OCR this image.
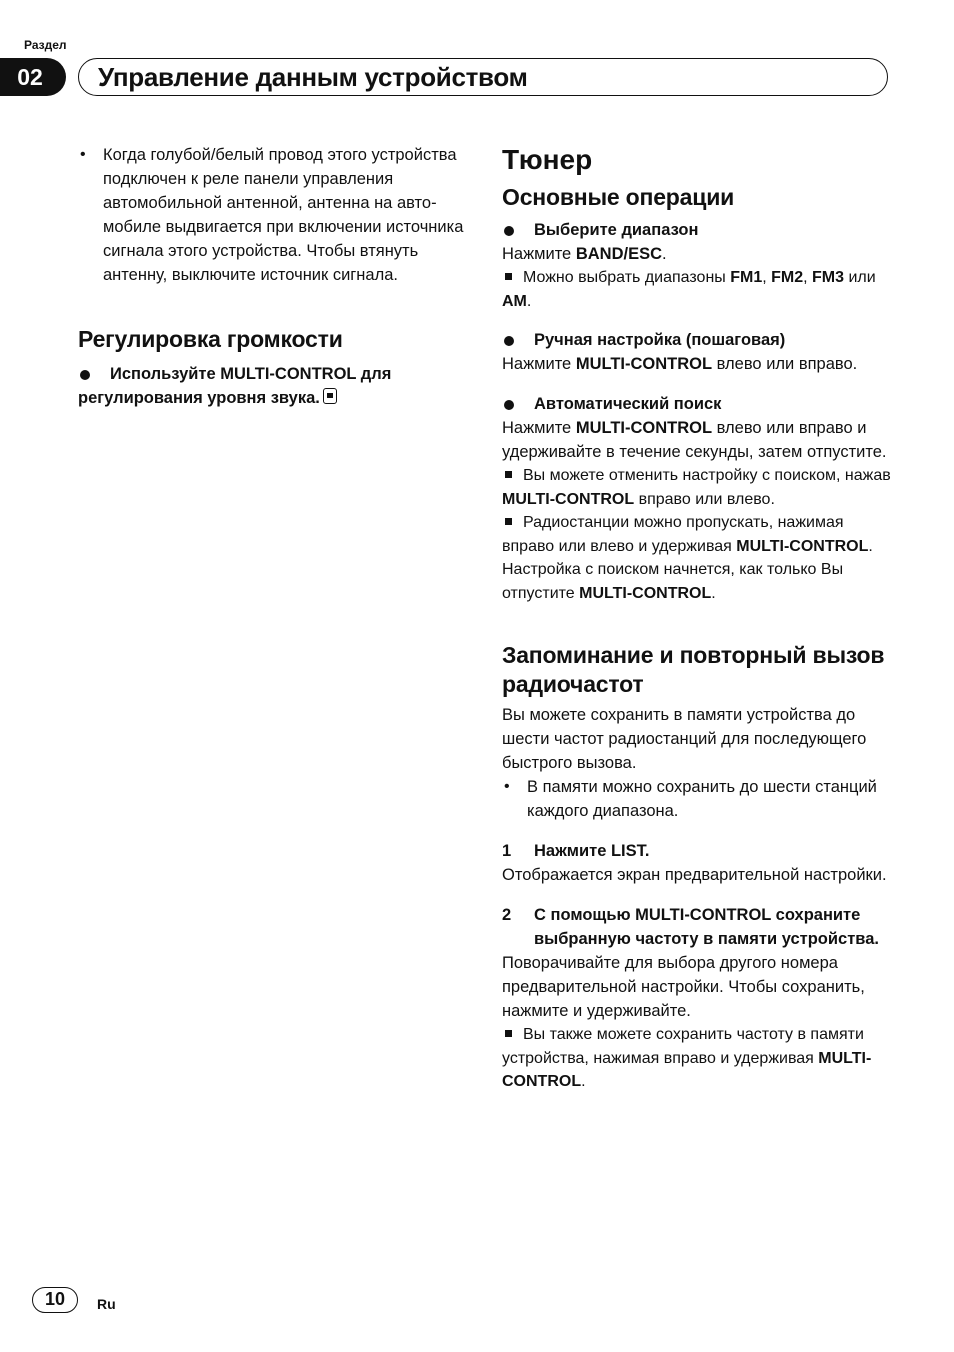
Раздел
02	Управление данным устройством

• Когда голубой/белый провод этого устройства подключен к реле панели управления автомобильной антенной, антенна на автомобиле выдвигается при включении источника сигнала этого устройства. Чтобы втянуть антенну, выключите источник сигнала.

Регулировка громкости

Используйте MULTI-CONTROL для регулирования уровня звука.

Тюнер

Основные операции

Выберите диапазон

Нажмите BAND/ESC.

Можно выбрать диапазоны FM1, FM2, FM3 или AM.

Ручная настройка (пошаговая)

Нажмите MULTI-CONTROL влево или вправо.

Автоматический поиск

Нажмите MULTI-CONTROL влево или вправо и удерживайте в течение секунды, затем отпустите.

Вы можете отменить настройку с поиском, нажав MULTI-CONTROL вправо или влево.

Радиостанции можно пропускать, нажимая вправо или влево и удерживая MULTI-CONTROL. Настройка с поиском начнется, как только Вы отпустите MULTI-CONTROL.

Запоминание и повторный вызов радиочастот

Вы можете сохранить в памяти устройства до шести частот радиостанций для последующего быстрого вызова.

• В памяти можно сохранить до шести станций каждого диапазона.

1 Нажмите LIST.

Отображается экран предварительной настройки.

2 С помощью MULTI-CONTROL сохраните выбранную частоту в памяти устройства.

Поворачивайте для выбора другого номера предварительной настройки. Чтобы сохранить, нажмите и удерживайте.

Вы также можете сохранить частоту в памяти устройства, нажимая вправо и удерживая MULTI-CONTROL.

10	Ru
